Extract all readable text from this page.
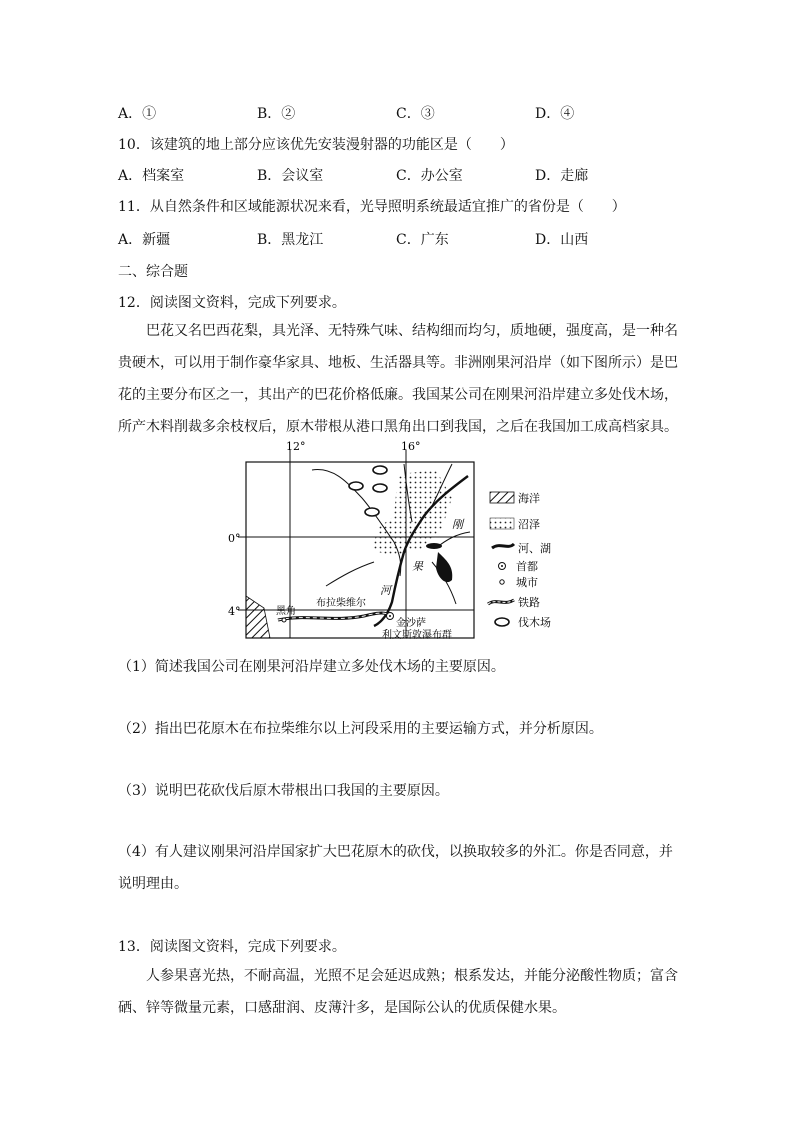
A．①	B．②	C．③	D．④
10．该建筑的地上部分应该优先安装漫射器的功能区是（　　）
A．档案室	B．会议室	C．办公室	D．走廊
11．从自然条件和区域能源状况来看，光导照明系统最适宜推广的省份是（　　）
A．新疆	B．黑龙江	C．广东	D．山西
二、综合题
12．阅读图文资料，完成下列要求。
巴花又名巴西花梨，具光泽、无特殊气味、结构细而均匀，质地硬，强度高，是一种名贵硬木，可以用于制作豪华家具、地板、生活器具等。非洲刚果河沿岸（如下图所示）是巴花的主要分布区之一，其出产的巴花价格低廉。我国某公司在刚果河沿岸建立多处伐木场，所产木料削裁多余枝杈后，原木带根从港口黑角出口到我国，之后在我国加工成高档家具。
12°	16°
0°
4°
刚
果
河
黑角
布拉柴维尔
金沙萨
利文斯敦瀑布群
海洋
沼泽
河、湖
首都
城市
铁路
伐木场
（1）简述我国公司在刚果河沿岸建立多处伐木场的主要原因。
（2）指出巴花原木在布拉柴维尔以上河段采用的主要运输方式，并分析原因。
（3）说明巴花砍伐后原木带根出口我国的主要原因。
（4）有人建议刚果河沿岸国家扩大巴花原木的砍伐，以换取较多的外汇。你是否同意，并说明理由。
13．阅读图文资料，完成下列要求。
人参果喜光热，不耐高温，光照不足会延迟成熟；根系发达，并能分泌酸性物质；富含硒、锌等微量元素，口感甜润、皮薄汁多，是国际公认的优质保健水果。
